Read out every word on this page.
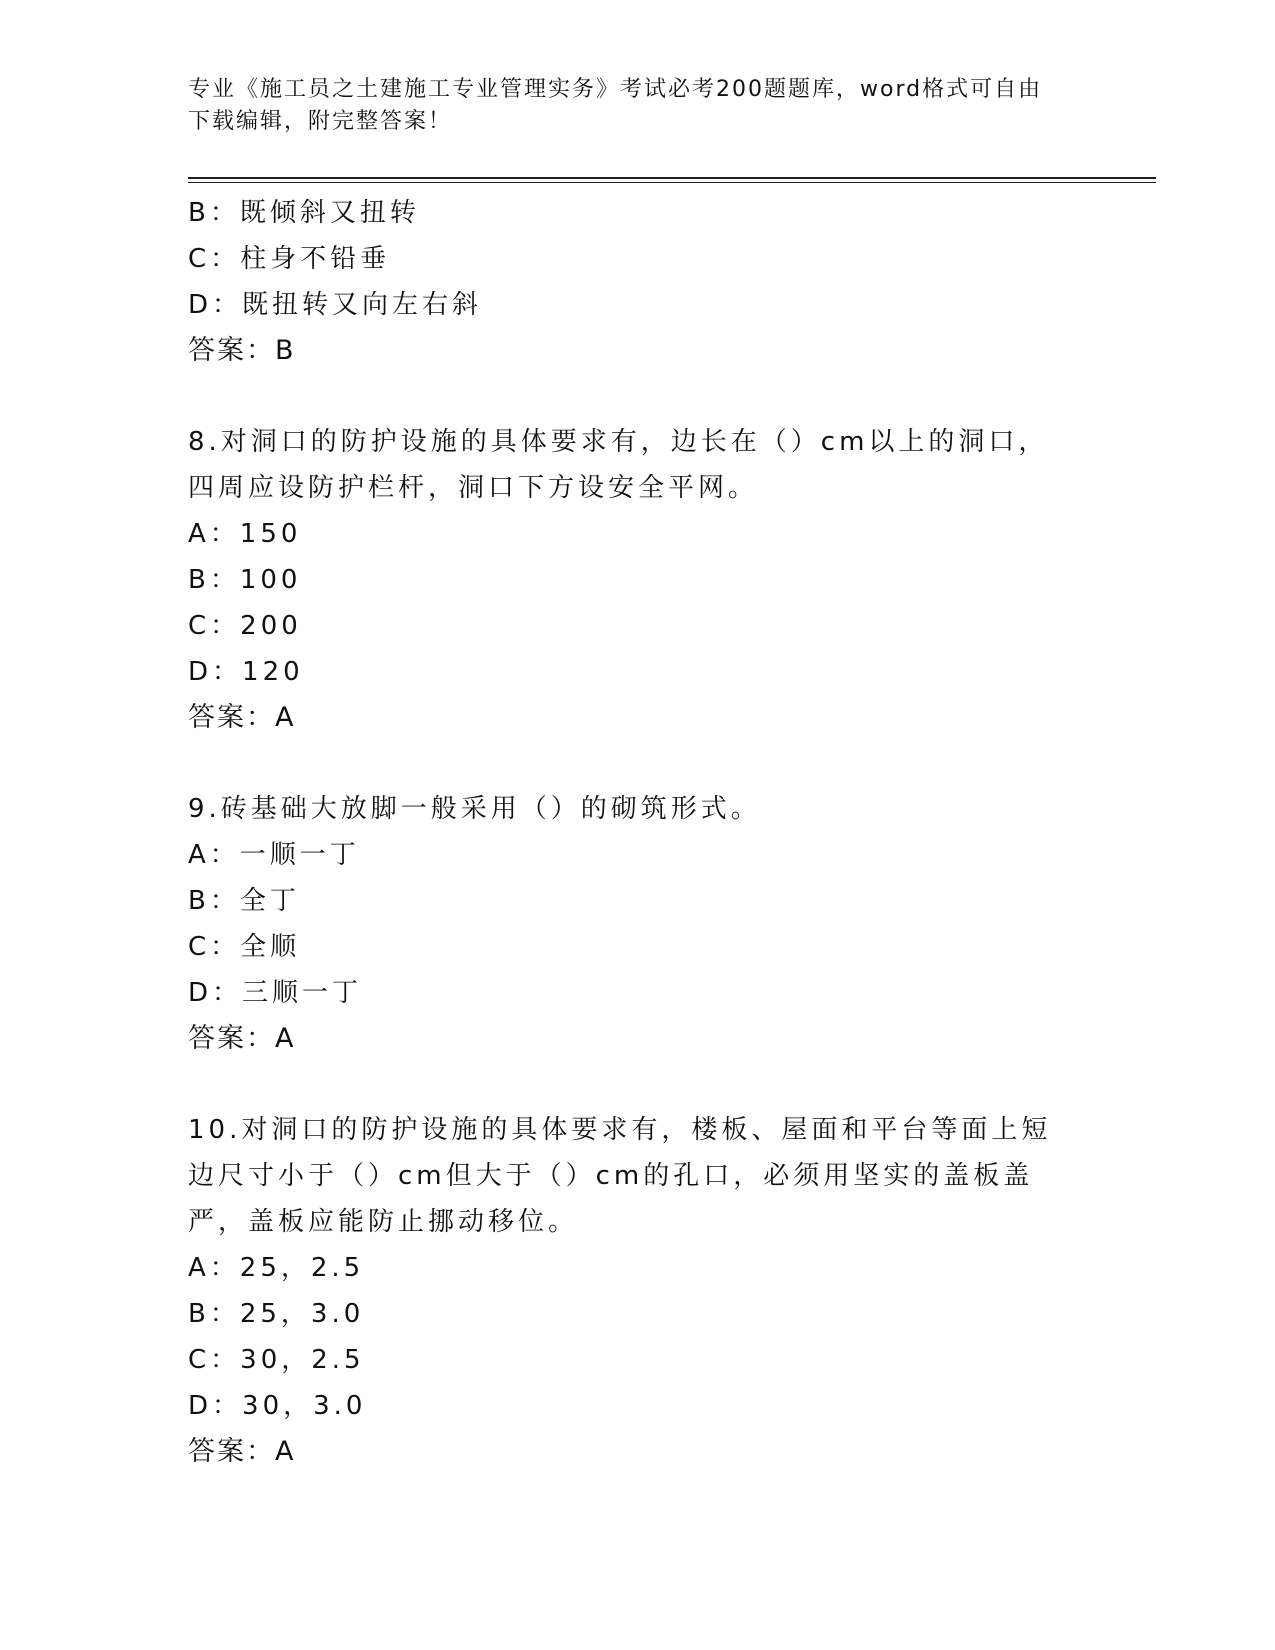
专业《施工员之土建施工专业管理实务》考试必考200题题库，word格式可自由
下载编辑，附完整答案！
B：既倾斜又扭转
C：柱身不铅垂
D：既扭转又向左右斜
答案：B
8.对洞口的防护设施的具体要求有，边长在（）cm以上的洞口，四周应设防护栏杆，洞口下方设安全平网。
A：150
B：100
C：200
D：120
答案：A
9.砖基础大放脚一般采用（）的砌筑形式。
A：一顺一丁
B：全丁
C：全顺
D：三顺一丁
答案：A
10.对洞口的防护设施的具体要求有，楼板、屋面和平台等面上短边尺寸小于（）cm但大于（）cm的孔口，必须用坚实的盖板盖严，盖板应能防止挪动移位。
A：25，2.5
B：25，3.0
C：30，2.5
D：30，3.0
答案：A
